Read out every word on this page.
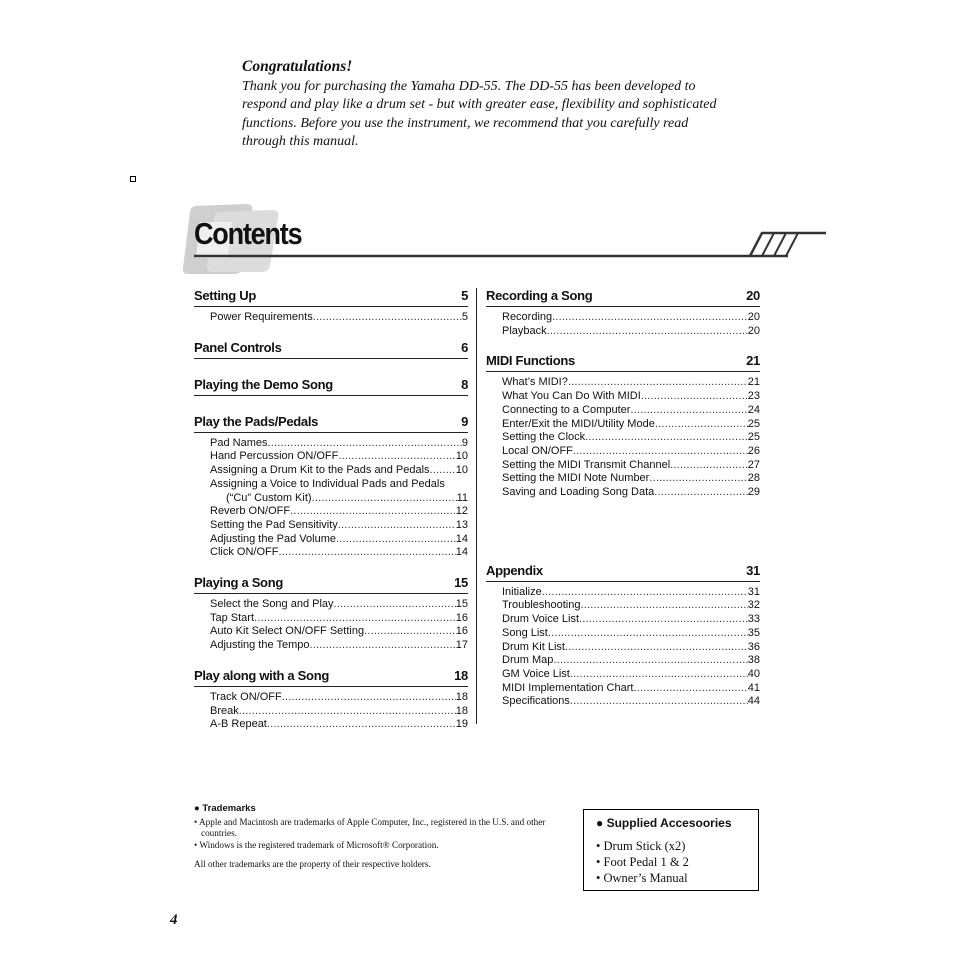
Congratulations!

Thank you for purchasing the Yamaha DD-55. The DD-55 has been developed to respond and play like a drum set - but with greater ease, flexibility and sophisticated functions. Before you use the instrument, we recommend that you carefully read through this manual.

Contents
Setting Up	5
Power Requirements .....	5
Panel Controls	6
Playing the Demo Song	8
Play the Pads/Pedals	9
Pad Names .....	9
Hand Percussion ON/OFF .....	10
Assigning a Drum Kit to the Pads and Pedals ..... 10
Assigning a Voice to Individual Pads and Pedals
(“Cu” Custom Kit) .....	11
Reverb ON/OFF .....	12
Setting the Pad Sensitivity .....	13
Adjusting the Pad Volume .....	14
Click ON/OFF .....	14
Playing a Song	15
Select the Song and Play .....	15
Tap Start .....	16
Auto Kit Select ON/OFF Setting .....	16
Adjusting the Tempo .....	17
Play along with a Song	18
Track ON/OFF .....	18
Break .....	18
A-B Repeat .....	19
Recording a Song	20
Recording .....	20
Playback .....	20
MIDI Functions	21
What’s MIDI? .....	21
What You Can Do With MIDI .....	23
Connecting to a Computer .....	24
Enter/Exit the MIDI/Utility Mode .....	25
Setting the Clock .....	25
Local ON/OFF .....	26
Setting the MIDI Transmit Channel .....	27
Setting the MIDI Note Number .....	28
Saving and Loading Song Data .....	29
Appendix	31
Initialize .....	31
Troubleshooting .....	32
Drum Voice List .....	33
Song List .....	35
Drum Kit List .....	36
Drum Map .....	38
GM Voice List .....	40
MIDI Implementation Chart .....	41
Specifications .....	44

● Trademarks

• Apple and Macintosh are trademarks of Apple Computer, Inc., registered in the U.S. and other countries.

• Windows is the registered trademark of Microsoft® Corporation.

All other trademarks are the property of their respective holders.

● Supplied Accesoories

• Drum Stick (x2)
• Foot Pedal 1 & 2
• Owner’s Manual
4
